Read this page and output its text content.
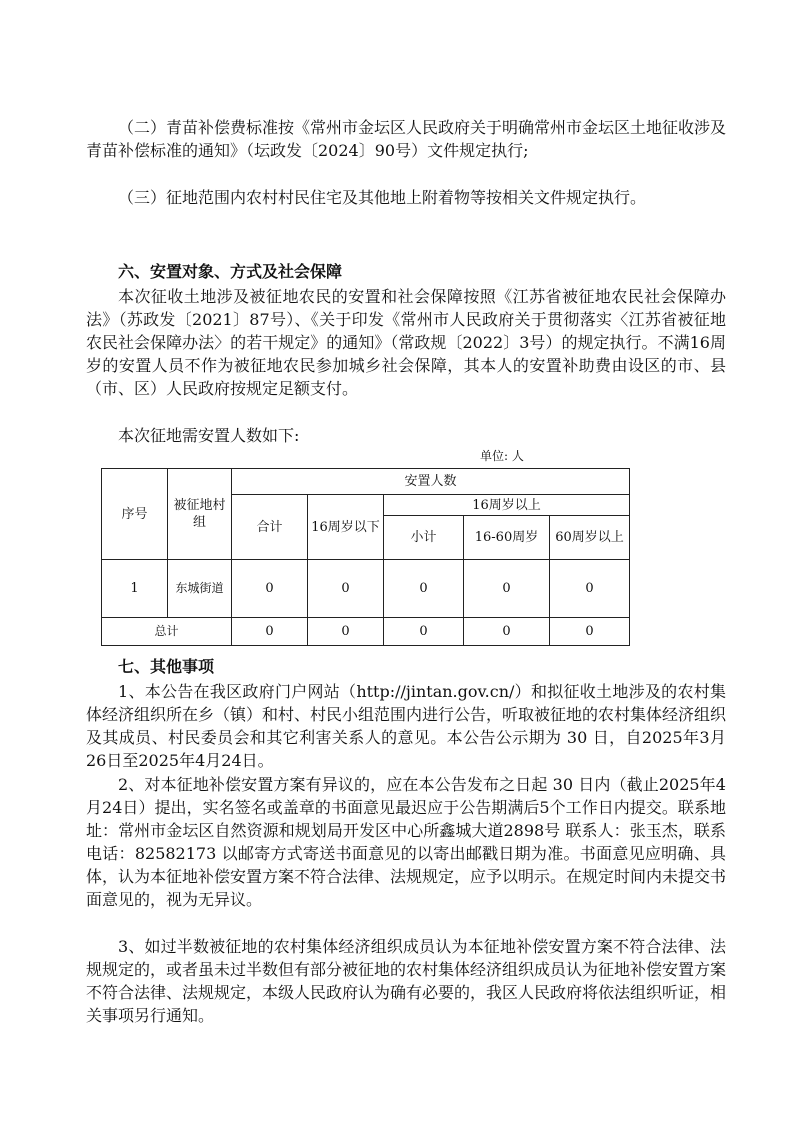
（二）青苗补偿费标准按《常州市金坛区人民政府关于明确常州市金坛区土地征收涉及青苗补偿标准的通知》（坛政发〔2024〕90号）文件规定执行;

（三）征地范围内农村村民住宅及其他地上附着物等按相关文件规定执行。

六、安置对象、方式及社会保障

本次征收土地涉及被征地农民的安置和社会保障按照《江苏省被征地农民社会保障办法》（苏政发〔2021〕87号）、《关于印发《常州市人民政府关于贯彻落实〈江苏省被征地农民社会保障办法〉的若干规定》的通知》（常政规〔2022〕3号）的规定执行。不满16周岁的安置人员不作为被征地农民参加城乡社会保障，其本人的安置补助费由设区的市、县（市、区）人民政府按规定足额支付。

本次征地需安置人数如下:

单位: 人
序号	被征地村组	安置人数				
		合计	16周岁以下	16周岁以上		
				小计	16-60周岁	60周岁以上

1	东城街道	0	0	0	0	0
总计		0	0	0	0	0
七、其他事项

1、本公告在我区政府门户网站（http://jintan.gov.cn/）和拟征收土地涉及的农村集体经济组织所在乡（镇）和村、村民小组范围内进行公告，听取被征地的农村集体经济组织及其成员、村民委员会和其它利害关系人的意见。本公告公示期为 30 日，自2025年3月26日至2025年4月24日。

2、对本征地补偿安置方案有异议的，应在本公告发布之日起 30 日内（截止2025年4月24日）提出，实名签名或盖章的书面意见最迟应于公告期满后5个工作日内提交。联系地址：常州市金坛区自然资源和规划局开发区中心所鑫城大道2898号 联系人：张玉杰，联系电话：82582173 以邮寄方式寄送书面意见的以寄出邮戳日期为准。书面意见应明确、具体，认为本征地补偿安置方案不符合法律、法规规定，应予以明示。在规定时间内未提交书面意见的，视为无异议。

3、如过半数被征地的农村集体经济组织成员认为本征地补偿安置方案不符合法律、法规规定的，或者虽未过半数但有部分被征地的农村集体经济组织成员认为征地补偿安置方案不符合法律、法规规定，本级人民政府认为确有必要的，我区人民政府将依法组织听证，相关事项另行通知。
